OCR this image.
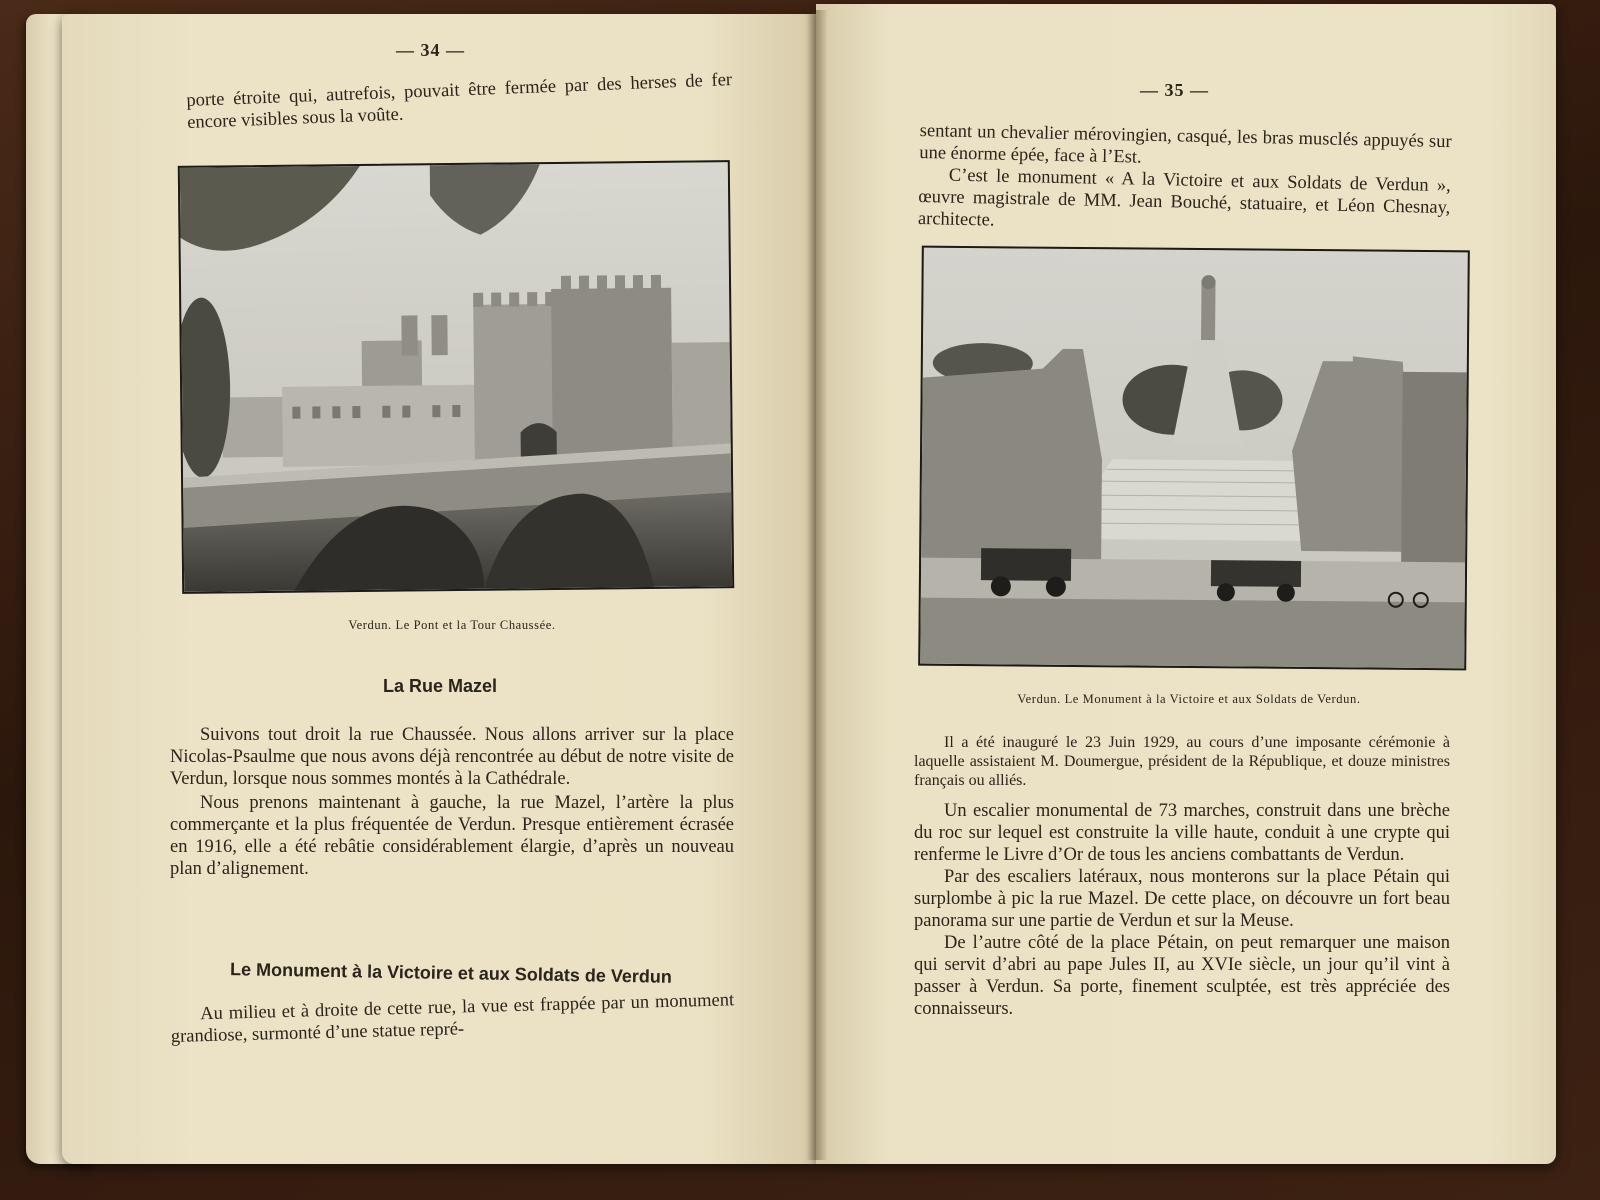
— 34 —

porte étroite qui, autrefois, pouvait être fermée par des herses de fer encore visibles sous la voûte.

Verdun. Le Pont et la Tour Chaussée.
La Rue Mazel

Suivons tout droit la rue Chaussée. Nous allons arriver sur la place Nicolas-Psaulme que nous avons déjà rencontrée au début de notre visite de Verdun, lorsque nous sommes montés à la Cathédrale.

Nous prenons maintenant à gauche, la rue Mazel, l’artère la plus commerçante et la plus fréquentée de Verdun. Presque entièrement écrasée en 1916, elle a été rebâtie considérablement élargie, d’après un nouveau plan d’alignement.

Le Monument à la Victoire et aux Soldats de Verdun

Au milieu et à droite de cette rue, la vue est frappée par un monument grandiose, surmonté d’une statue repré-

— 35 —

sentant un chevalier mérovingien, casqué, les bras musclés appuyés sur une énorme épée, face à l’Est.

C’est le monument « A la Victoire et aux Soldats de Verdun », œuvre magistrale de MM. Jean Bouché, statuaire, et Léon Chesnay, architecte.

Verdun. Le Monument à la Victoire et aux Soldats de Verdun.

Il a été inauguré le 23 Juin 1929, au cours d’une imposante cérémonie à laquelle assistaient M. Doumergue, président de la République, et douze ministres français ou alliés.

Un escalier monumental de 73 marches, construit dans une brèche du roc sur lequel est construite la ville haute, conduit à une crypte qui renferme le Livre d’Or de tous les anciens combattants de Verdun.

Par des escaliers latéraux, nous monterons sur la place Pétain qui surplombe à pic la rue Mazel. De cette place, on découvre un fort beau panorama sur une partie de Verdun et sur la Meuse.

De l’autre côté de la place Pétain, on peut remarquer une maison qui servit d’abri au pape Jules II, au XVIe siècle, un jour qu’il vint à passer à Verdun. Sa porte, finement sculptée, est très appréciée des connaisseurs.
